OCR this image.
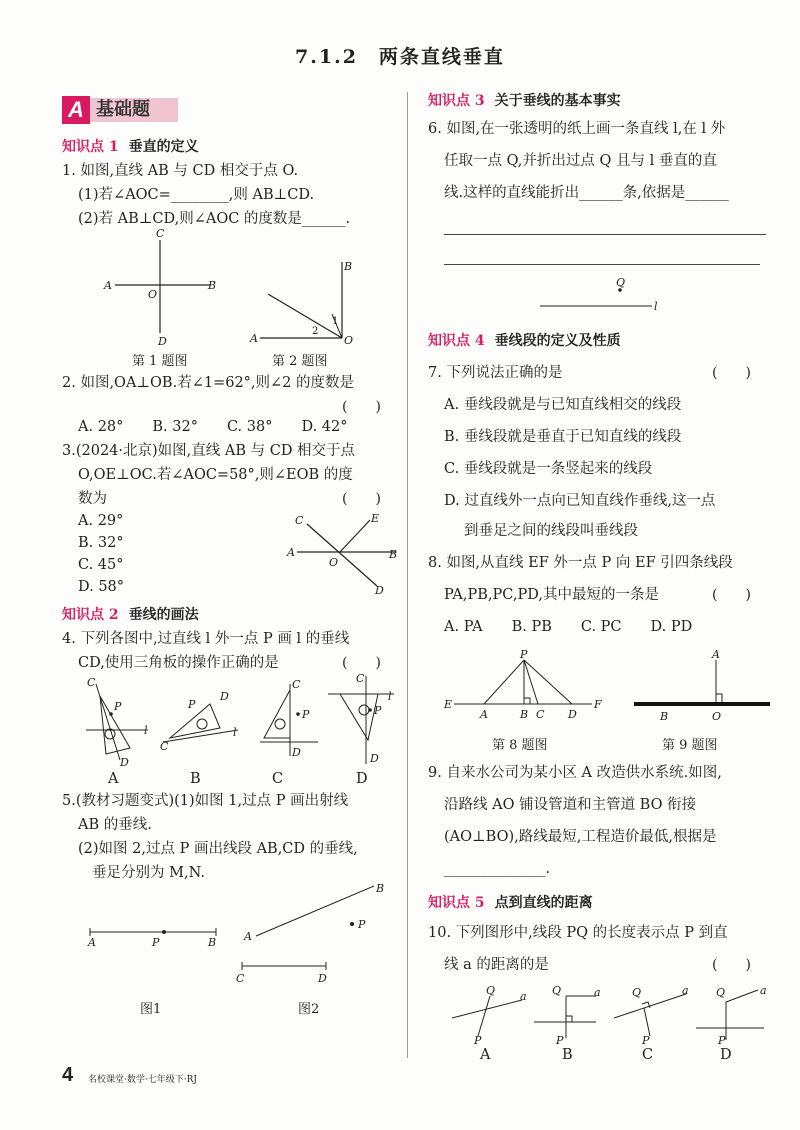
7.1.2　两条直线垂直
A 基础题
知识点 1 垂直的定义
1. 如图,直线 AB 与 CD 相交于点 O.
(1)若∠AOC=________,则 AB⊥CD.
(2)若 AB⊥CD,则∠AOC 的度数是______.
A	B
C
D
O
第 1 题图
B
A	O
1
2
第 2 题图
2. 如图,OA⊥OB.若∠1=62°,则∠2 的度数是
(　　)
A. 28°　　B. 32°　　C. 38°　　D. 42°
3.(2024·北京)如图,直线 AB 与 CD 相交于点
O,OE⊥OC.若∠AOC=58°,则∠EOB 的度
数为	(　　)
A. 29°
B. 32°
C. 45°
D. 58°
C	E
A	B
O
D
知识点 2 垂线的画法
4. 下列各图中,过直线 l 外一点 P 画 l 的垂线
CD,使用三角板的操作正确的是	(　　)
C
P
l
D
C
D
P
l
C
P
D
C
P
l
D
A	B	C	D
5.(教材习题变式)(1)如图 1,过点 P 画出射线
AB 的垂线.
(2)如图 2,过点 P 画出线段 AB,CD 的垂线,
垂足分别为 M,N.
A	P	B	A
B
P
C	D
图1	图2
知识点 3 关于垂线的基本事实
6. 如图,在一张透明的纸上画一条直线 l,在 l 外
任取一点 Q,并折出过点 Q 且与 l 垂直的直
线.这样的直线能折出______条,依据是______
Q
l
知识点 4 垂线段的定义及性质
7. 下列说法正确的是	(　　)
A. 垂线段就是与已知直线相交的线段
B. 垂线段就是垂直于已知直线的线段
C. 垂线段就是一条竖起来的线段
D. 过直线外一点向已知直线作垂线,这一点
到垂足之间的线段叫垂线段
8. 如图,从直线 EF 外一点 P 向 EF 引四条线段
PA,PB,PC,PD,其中最短的一条是	(　　)
A. PA　　B. PB　　C. PC　　D. PD
P
E	F
A	B C D
第 8 题图
A
B	O
第 9 题图
9. 自来水公司为某小区 A 改造供水系统.如图,
沿路线 AO 铺设管道和主管道 BO 衔接
(AO⊥BO),路线最短,工程造价最低,根据是
______________.
知识点 5 点到直线的距离
10. 下列图形中,线段 PQ 的长度表示点 P 到直
线 a 的距离的是	(　　)
Q a
P
Q	a
P
Q	a
P
Q	a
P
A	B	C	D
4 名校课堂·数学·七年级下·RJ
